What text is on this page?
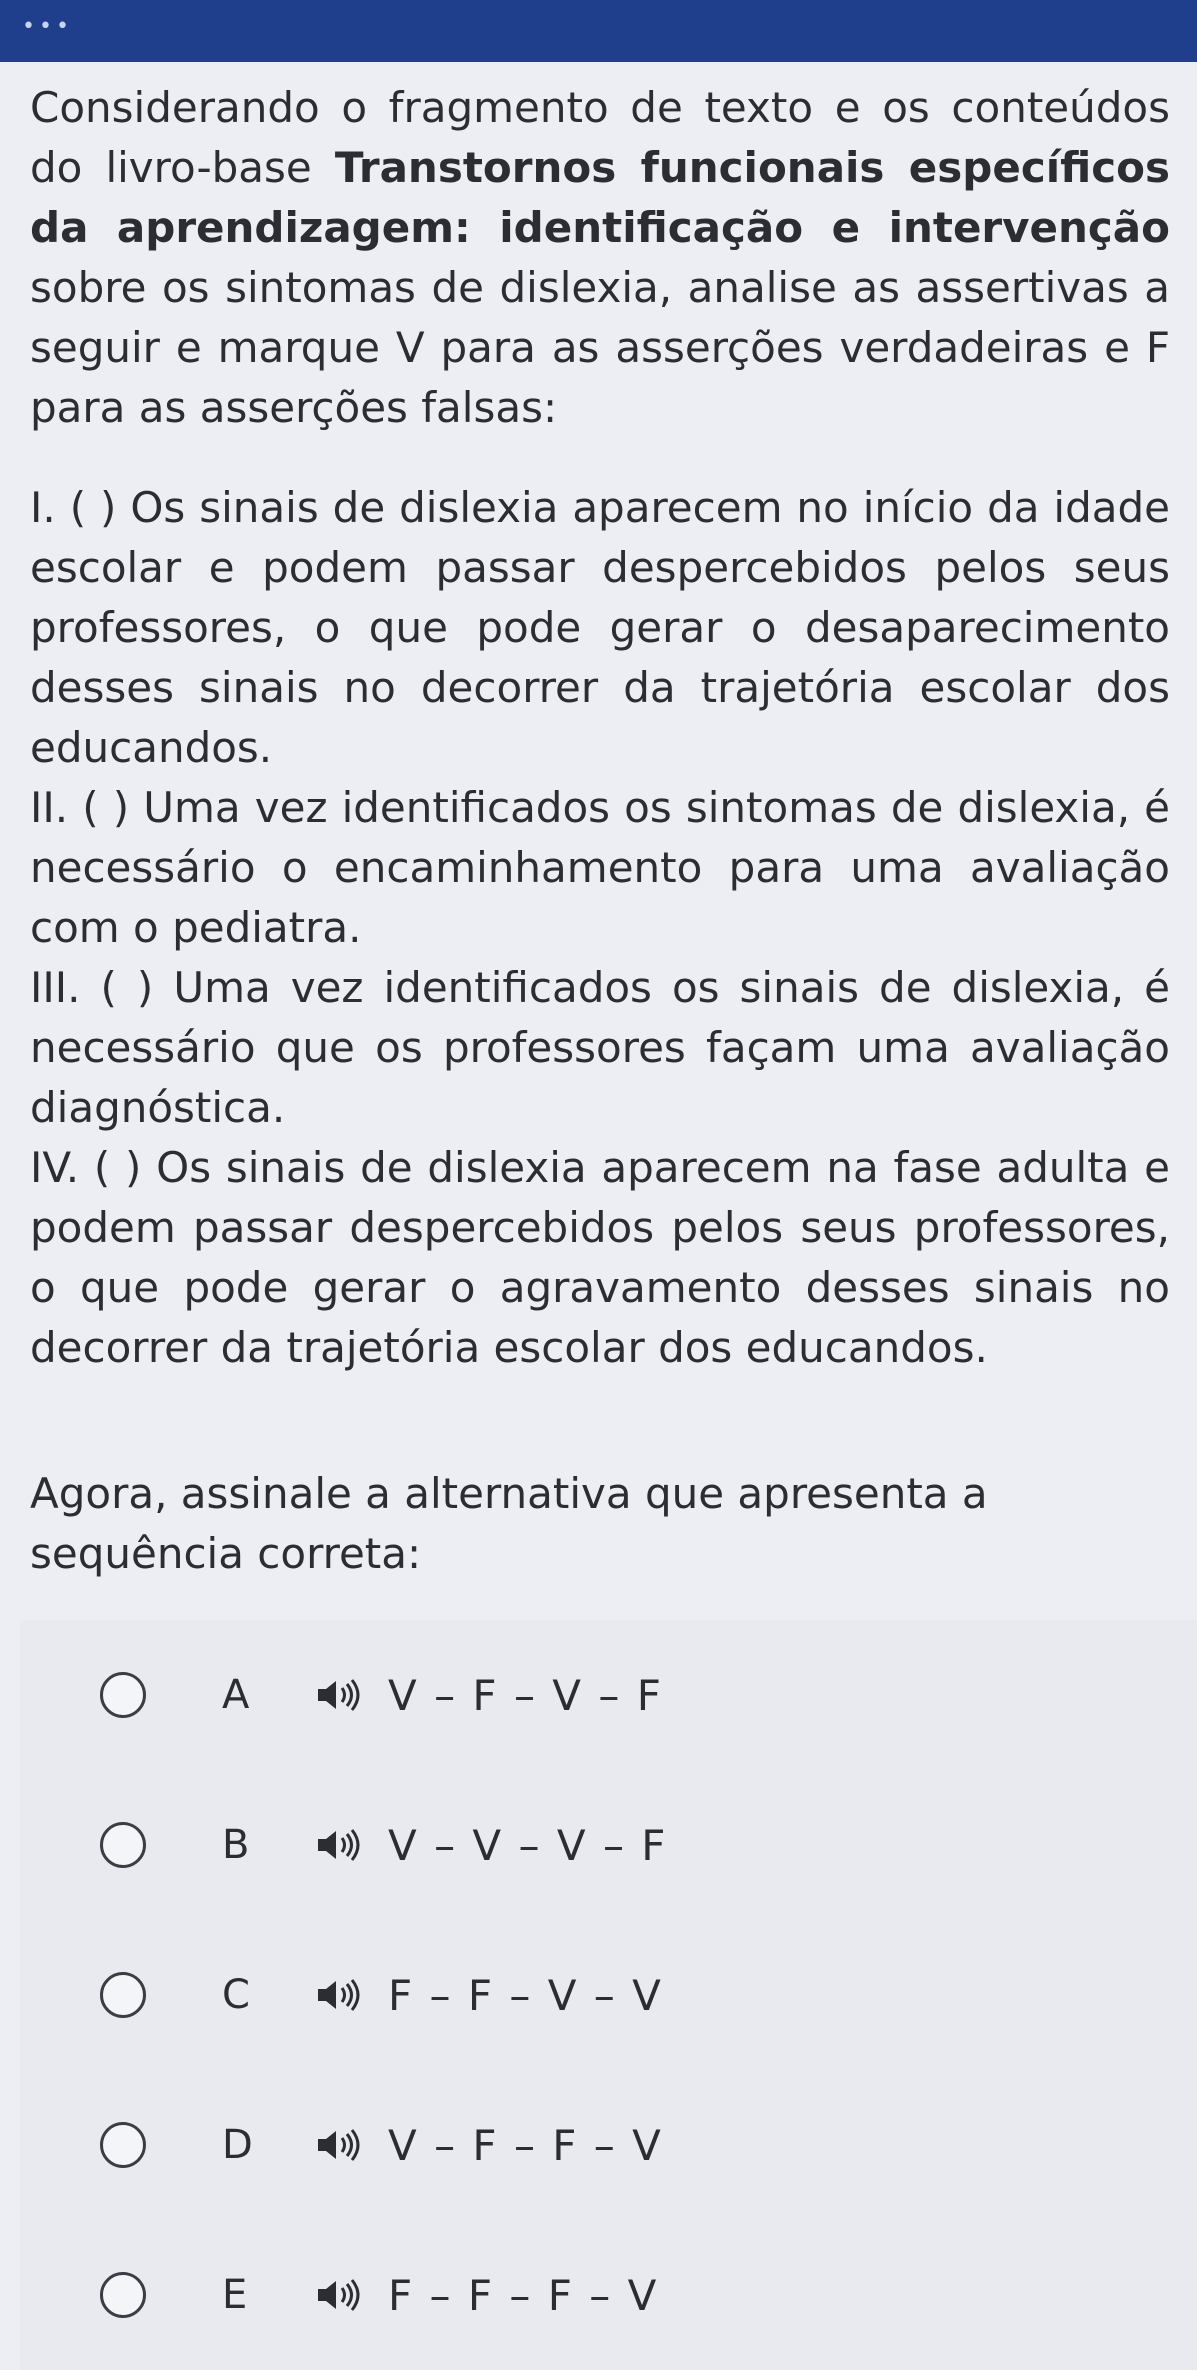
•••

Considerando o fragmento de texto e os conteúdos do livro-base Transtornos funcionais específicos da aprendizagem: identificação e intervenção sobre os sintomas de dislexia, analise as assertivas a seguir e marque V para as asserções verdadeiras e F para as asserções falsas:

I. ( ) Os sinais de dislexia aparecem no início da idade escolar e podem passar despercebidos pelos seus professores, o que pode gerar o desaparecimento desses sinais no decorrer da trajetória escolar dos educandos.

II. ( ) Uma vez identificados os sintomas de dislexia, é necessário o encaminhamento para uma avaliação com o pediatra.

III. ( ) Uma vez identificados os sinais de dislexia, é necessário que os professores façam uma avaliação diagnóstica.

IV. ( ) Os sinais de dislexia aparecem na fase adulta e podem passar despercebidos pelos seus professores, o que pode gerar o agravamento desses sinais no decorrer da trajetória escolar dos educandos.

Agora, assinale a alternativa que apresenta a sequência correta:

A	V – F – V – F
B	V – V – V – F
C	F – F – V – V
D	V – F – F – V
E	F – F – F – V
